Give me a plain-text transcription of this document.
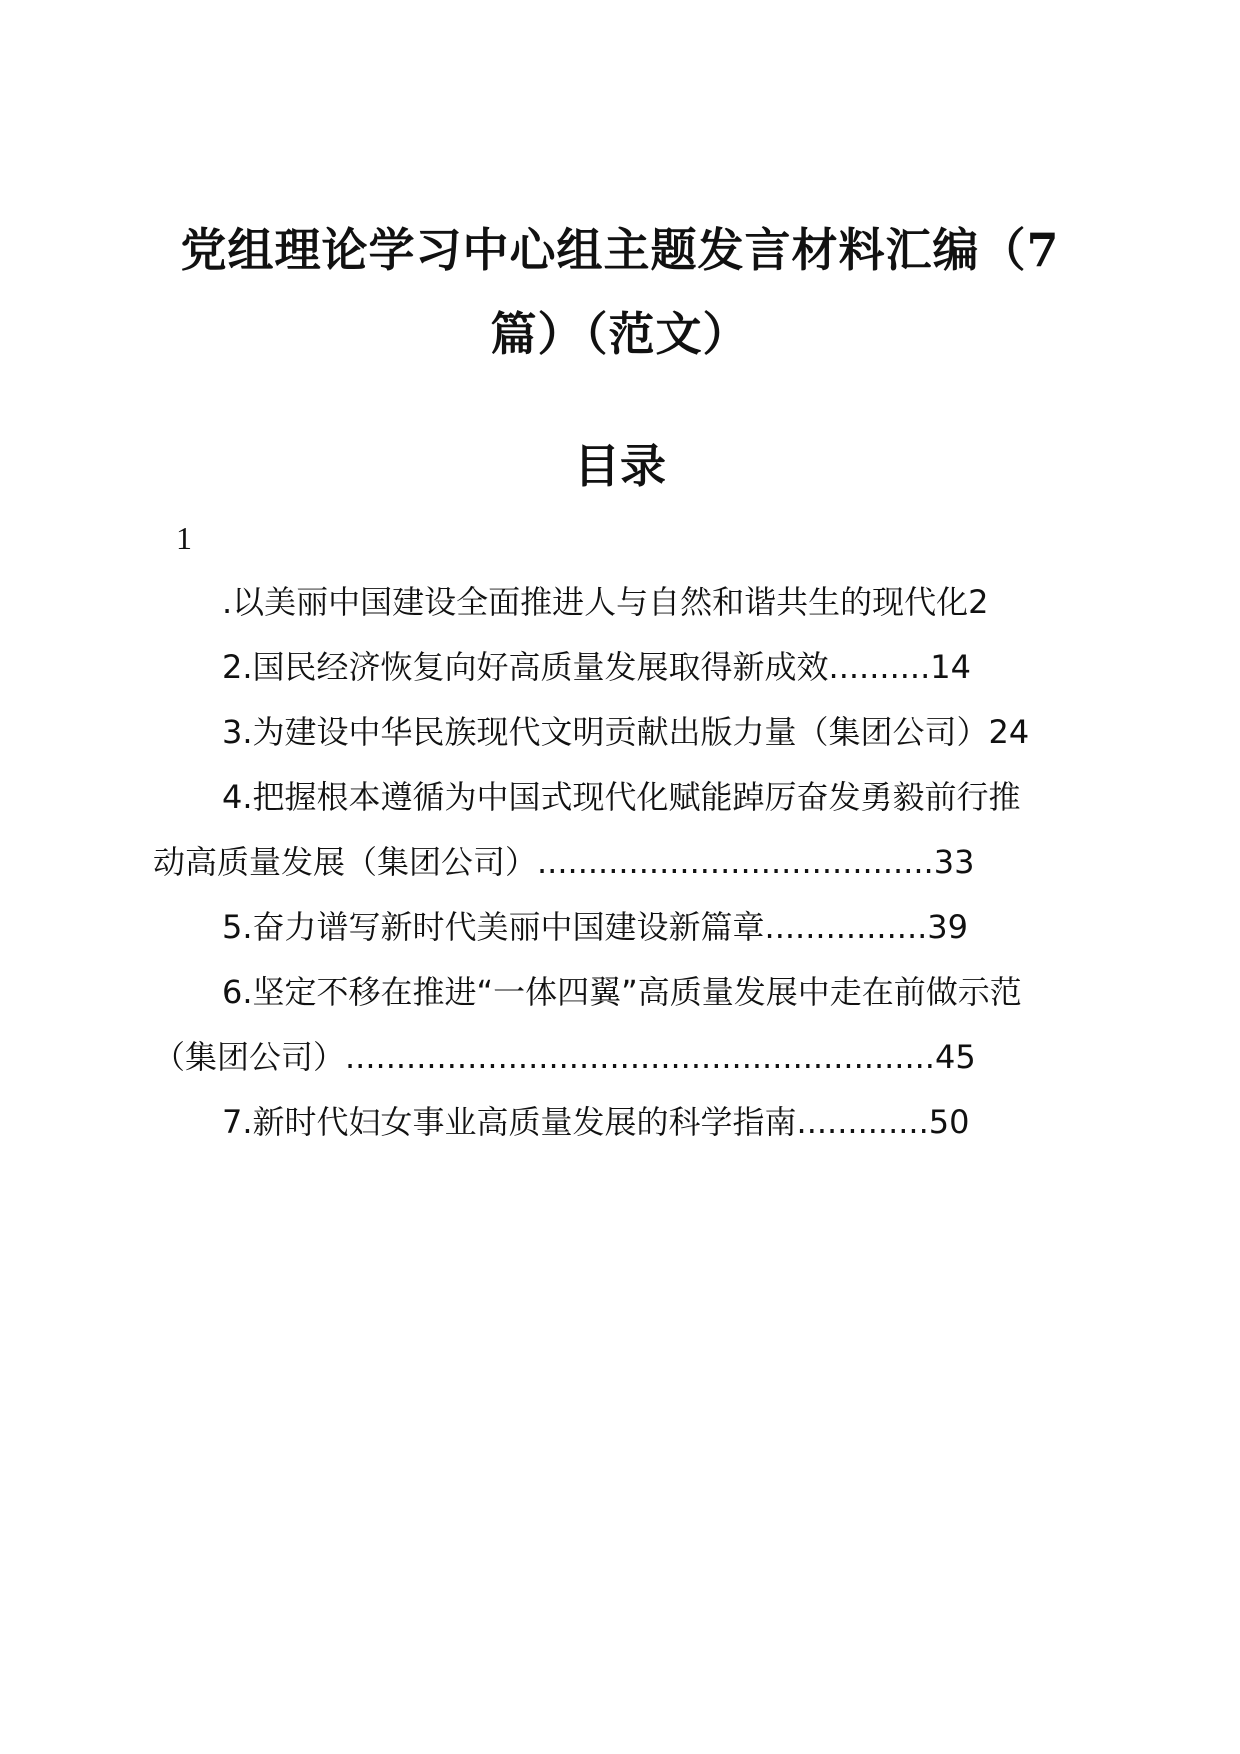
党组理论学习中心组主题发言材料汇编（7
篇）（范文）
目录
1
.以美丽中国建设全面推进人与自然和谐共生的现代化2
2.国民经济恢复向好高质量发展取得新成效..........14
3.为建设中华民族现代文明贡献出版力量（集团公司）24
4.把握根本遵循为中国式现代化赋能踔厉奋发勇毅前行推
动高质量发展（集团公司）.......................................33
5.奋力谱写新时代美丽中国建设新篇章................39
6.坚定不移在推进“一体四翼”高质量发展中走在前做示范
（集团公司）..........................................................45
7.新时代妇女事业高质量发展的科学指南.............50
